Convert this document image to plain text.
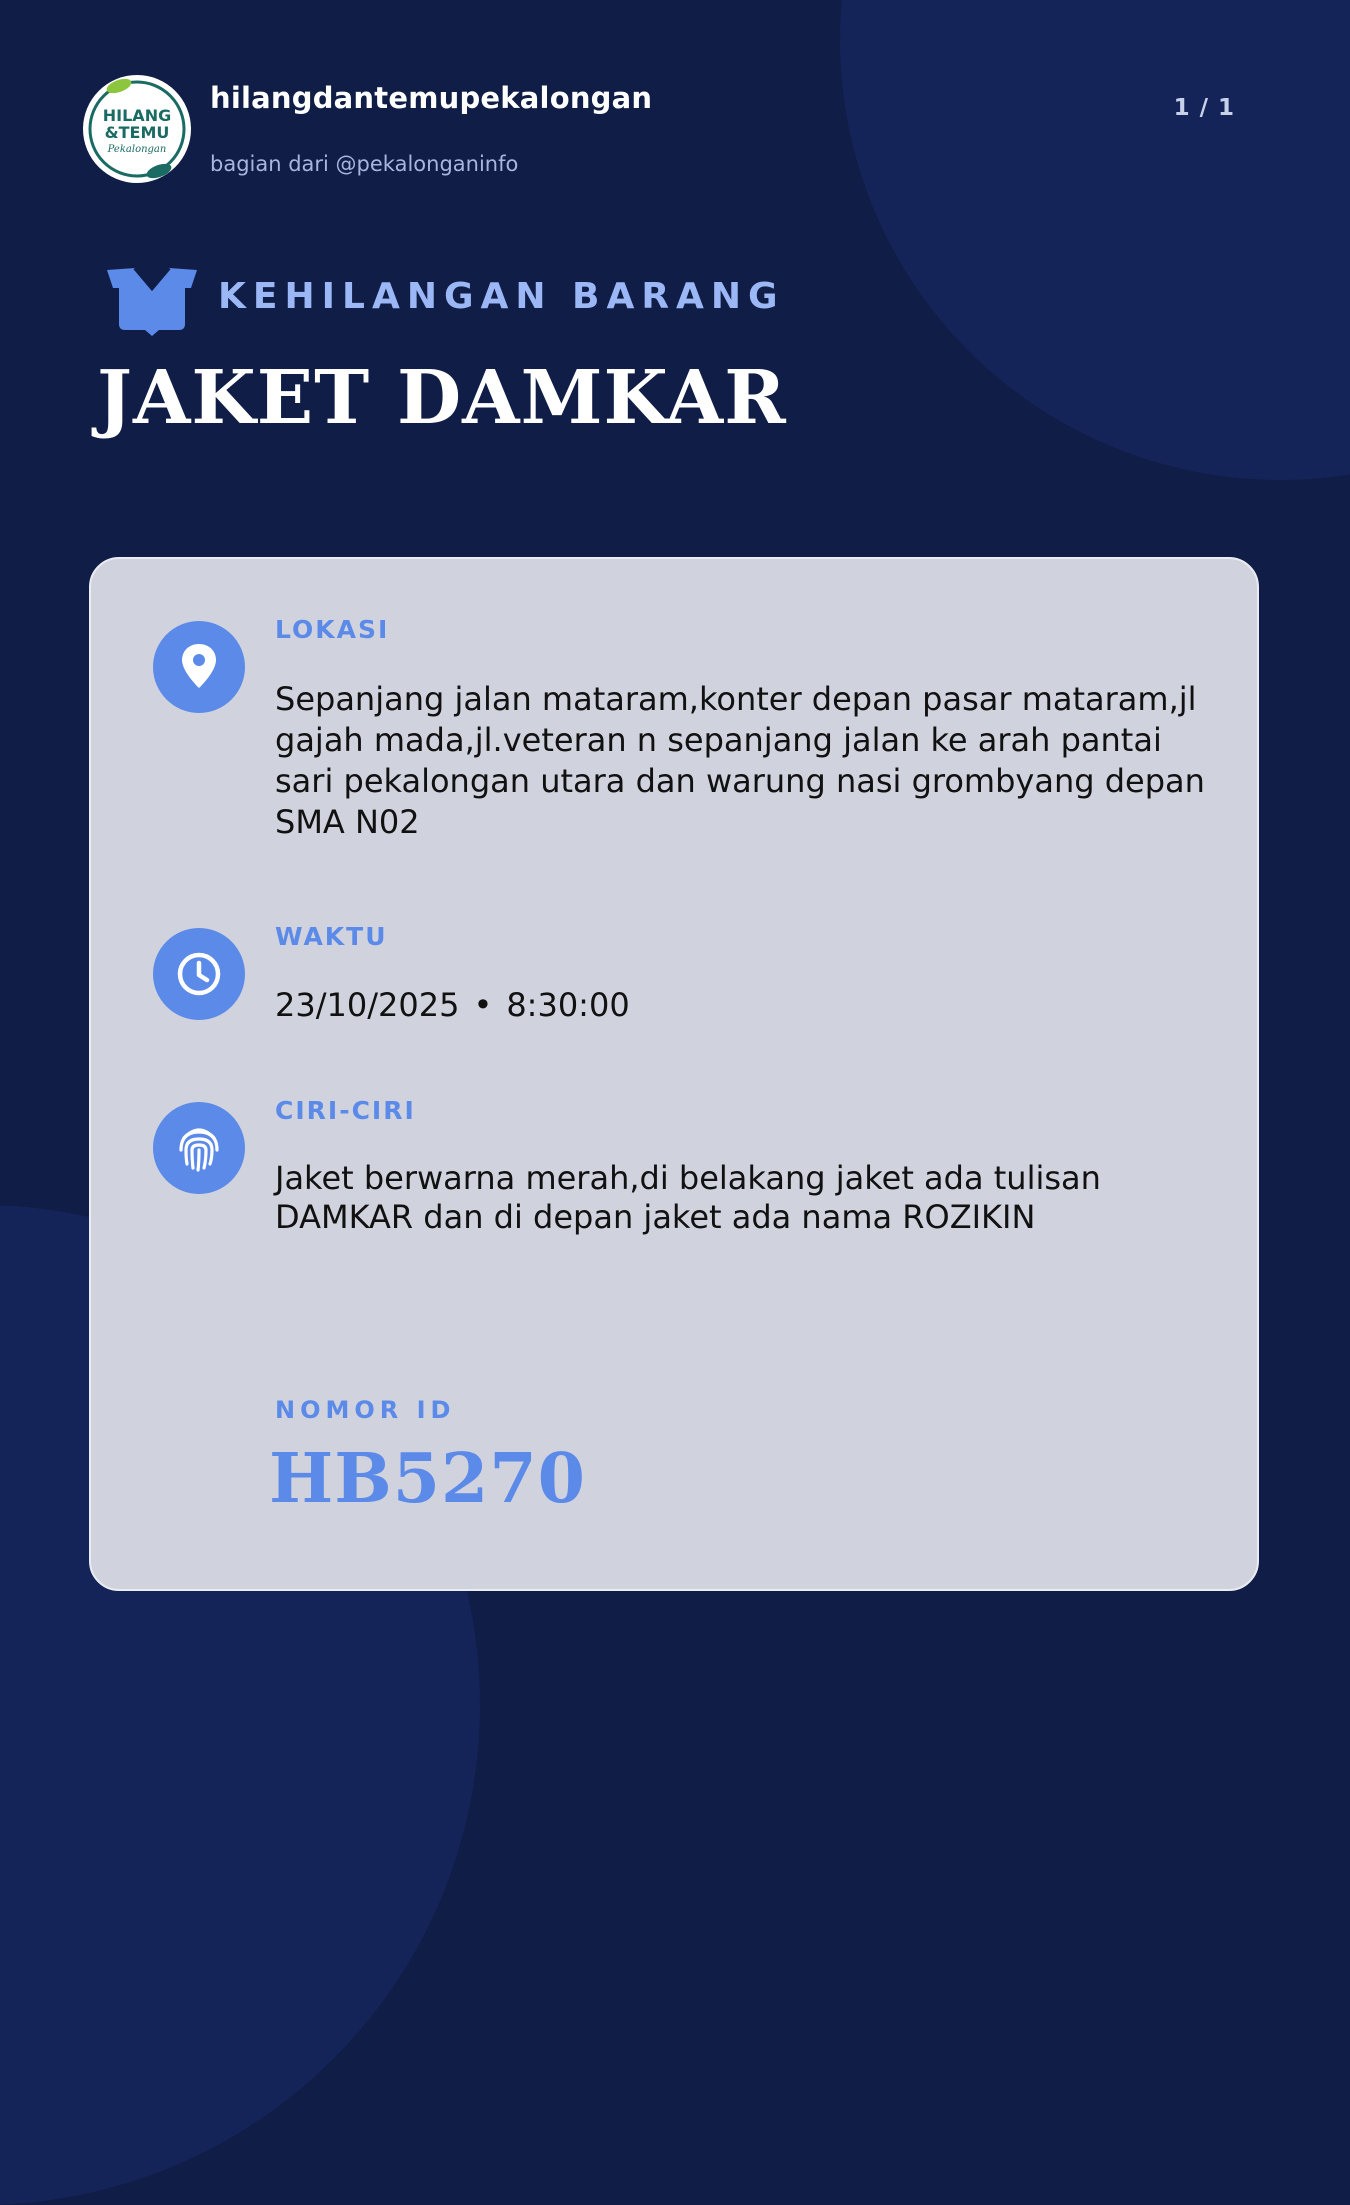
HILANG
&TEMU
Pekalongan
hilangdantemupekalongan
bagian dari @pekalonganinfo
1 / 1
KEHILANGAN BARANG
JAKET DAMKAR
LOKASI
Sepanjang jalan mataram,konter depan pasar mataram,jl gajah mada,jl.veteran n sepanjang jalan ke arah pantai sari pekalongan utara dan warung nasi grombyang depan SMA N02
WAKTU
23/10/2025 • 8:30:00
CIRI-CIRI
Jaket berwarna merah,di belakang jaket ada tulisan DAMKAR dan di depan jaket ada nama ROZIKIN
NOMOR ID
HB5270
